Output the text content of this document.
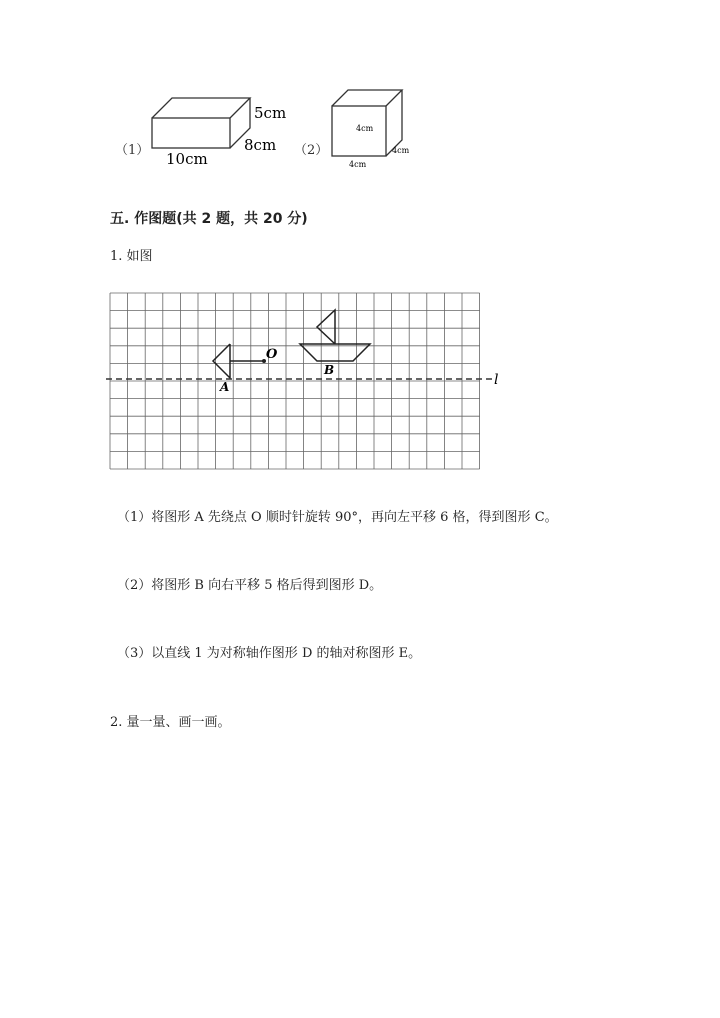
（1）
5cm
8cm
10cm	（2）
4cm
4cm
4cm
五. 作图题(共 2 题，共 20 分)
1. 如图
O
A
B
l
（1）将图形 A 先绕点 O 顺时针旋转 90°，再向左平移 6 格，得到图形 C。
（2）将图形 B 向右平移 5 格后得到图形 D。
（3）以直线 1 为对称轴作图形 D 的轴对称图形 E。
2. 量一量、画一画。
